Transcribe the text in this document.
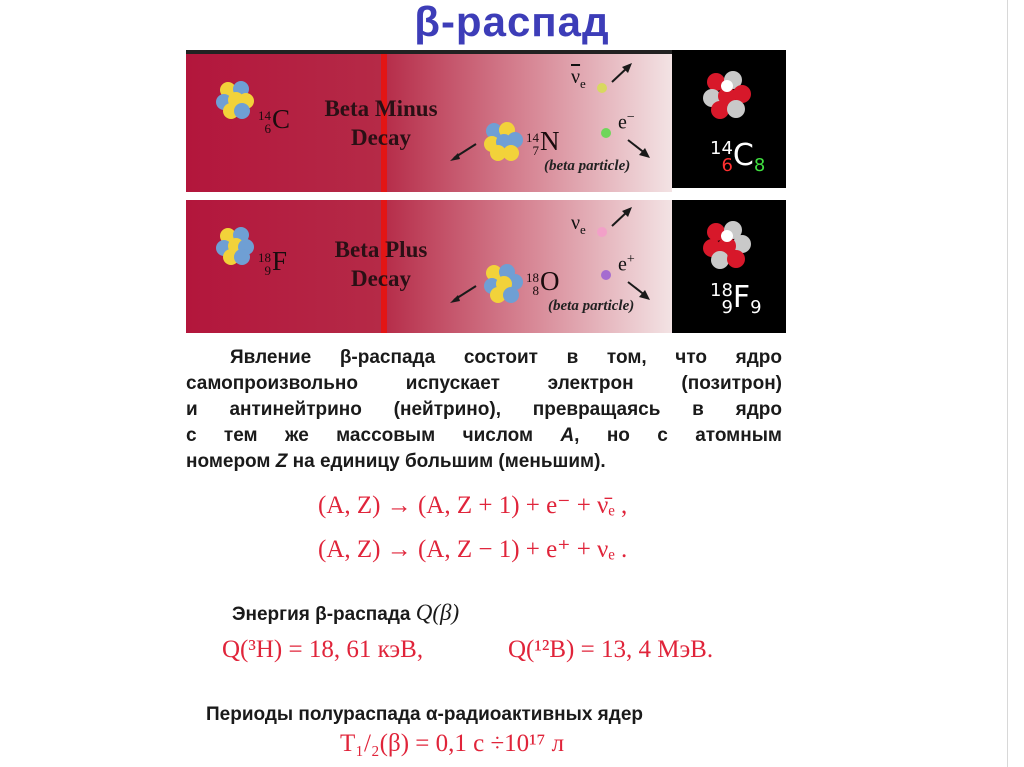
β-распад
14
6C	Beta Minus
Decay	14
7N
$\overline{\nu}_e$
e−
(beta particle)
14
$6C_8$
18
9F	Beta Plus
Decay	18
8O
$\nu_e$
e+
(beta particle)
18
$9F_9$
Явление β-распада состоит в том, что ядро
самопроизвольно испускает электрон (позитрон)
и антинейтрино (нейтрино), превращаясь в ядро
с тем же массовым числом A, но с атомным
номером Z на единицу большим (меньшим).
(A, Z) → (A, Z + 1) + e⁻ + ν̄ₑ ,
(A, Z) → (A, Z − 1) + e⁺ + νₑ .
Энергия β-распада Q(β)
Q(³H) = 18, 61 кэВ,	Q(¹²B) = 13, 4 МэВ.
Периоды полураспада α-радиоактивных ядер
T₁/₂(β) = 0,1 с ÷10¹⁷ л
